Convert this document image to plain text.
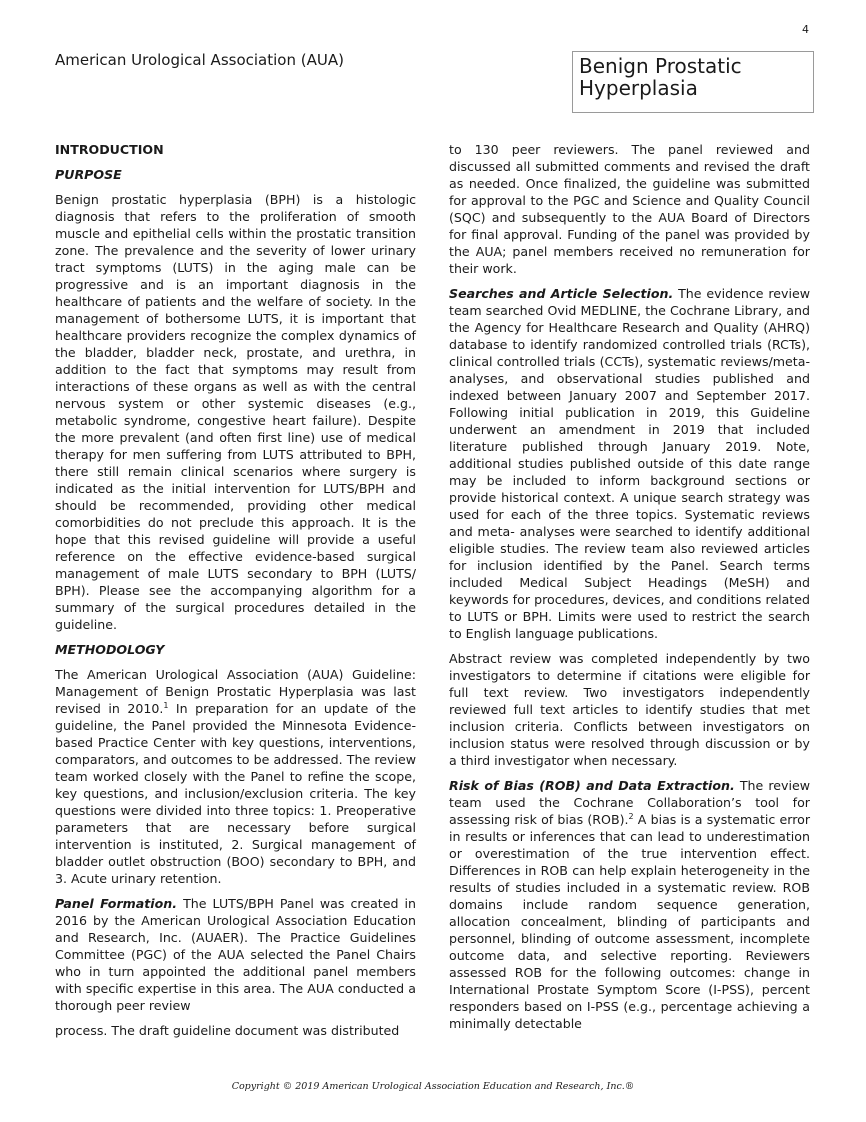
4
American Urological Association (AUA)	Benign Prostatic
Hyperplasia
INTRODUCTION
PURPOSE

Benign prostatic hyperplasia (BPH) is a histologic diagnosis that refers to the proliferation of smooth muscle and epithelial cells within the prostatic transition zone. The prevalence and the severity of lower urinary tract symptoms (LUTS) in the aging male can be progressive and is an important diagnosis in the healthcare of patients and the welfare of society. In the management of bothersome LUTS, it is important that healthcare providers recognize the complex dynamics of the bladder, bladder neck, prostate, and urethra, in addition to the fact that symptoms may result from interactions of these organs as well as with the central nervous system or other systemic diseases (e.g., metabolic syndrome, congestive heart failure). Despite the more prevalent (and often first line) use of medical therapy for men suffering from LUTS attributed to BPH, there still remain clinical scenarios where surgery is indicated as the initial intervention for LUTS/BPH and should be recommended, providing other medical comorbidities do not preclude this approach. It is the hope that this revised guideline will provide a useful reference on the effective evidence-based surgical management of male LUTS secondary to BPH (LUTS/ BPH). Please see the accompanying algorithm for a summary of the surgical procedures detailed in the guideline.

METHODOLOGY

The American Urological Association (AUA) Guideline: Management of Benign Prostatic Hyperplasia was last revised in 2010.$^1$ In preparation for an update of the guideline, the Panel provided the Minnesota Evidence-based Practice Center with key questions, interventions, comparators, and outcomes to be addressed. The review team worked closely with the Panel to refine the scope, key questions, and inclusion/exclusion criteria. The key questions were divided into three topics: 1. Preoperative parameters that are necessary before surgical intervention is instituted, 2. Surgical management of bladder outlet obstruction (BOO) secondary to BPH, and 3. Acute urinary retention.

Panel Formation. The LUTS/BPH Panel was created in 2016 by the American Urological Association Education and Research, Inc. (AUAER). The Practice Guidelines Committee (PGC) of the AUA selected the Panel Chairs who in turn appointed the additional panel members with specific expertise in this area. The AUA conducted a thorough peer review

process. The draft guideline document was distributed

to 130 peer reviewers. The panel reviewed and discussed all submitted comments and revised the draft as needed. Once finalized, the guideline was submitted for approval to the PGC and Science and Quality Council (SQC) and subsequently to the AUA Board of Directors for final approval. Funding of the panel was provided by the AUA; panel members received no remuneration for their work.

Searches and Article Selection. The evidence review team searched Ovid MEDLINE, the Cochrane Library, and the Agency for Healthcare Research and Quality (AHRQ) database to identify randomized controlled trials (RCTs), clinical controlled trials (CCTs), systematic reviews/meta-analyses, and observational studies published and indexed between January 2007 and September 2017. Following initial publication in 2019, this Guideline underwent an amendment in 2019 that included literature published through January 2019. Note, additional studies published outside of this date range may be included to inform background sections or provide historical context. A unique search strategy was used for each of the three topics. Systematic reviews and meta- analyses were searched to identify additional eligible studies. The review team also reviewed articles for inclusion identified by the Panel. Search terms included Medical Subject Headings (MeSH) and keywords for procedures, devices, and conditions related to LUTS or BPH. Limits were used to restrict the search to English language publications.

Abstract review was completed independently by two investigators to determine if citations were eligible for full text review. Two investigators independently reviewed full text articles to identify studies that met inclusion criteria. Conflicts between investigators on inclusion status were resolved through discussion or by a third investigator when necessary.

Risk of Bias (ROB) and Data Extraction. The review team used the Cochrane Collaboration’s tool for assessing risk of bias (ROB).$^2$ A bias is a systematic error in results or inferences that can lead to underestimation or overestimation of the true intervention effect. Differences in ROB can help explain heterogeneity in the results of studies included in a systematic review. ROB domains include random sequence generation, allocation concealment, blinding of participants and personnel, blinding of outcome assessment, incomplete outcome data, and selective reporting. Reviewers assessed ROB for the following outcomes: change in International Prostate Symptom Score (I-PSS), percent responders based on I-PSS (e.g., percentage achieving a minimally detectable

Copyright © 2019 American Urological Association Education and Research, Inc.®
